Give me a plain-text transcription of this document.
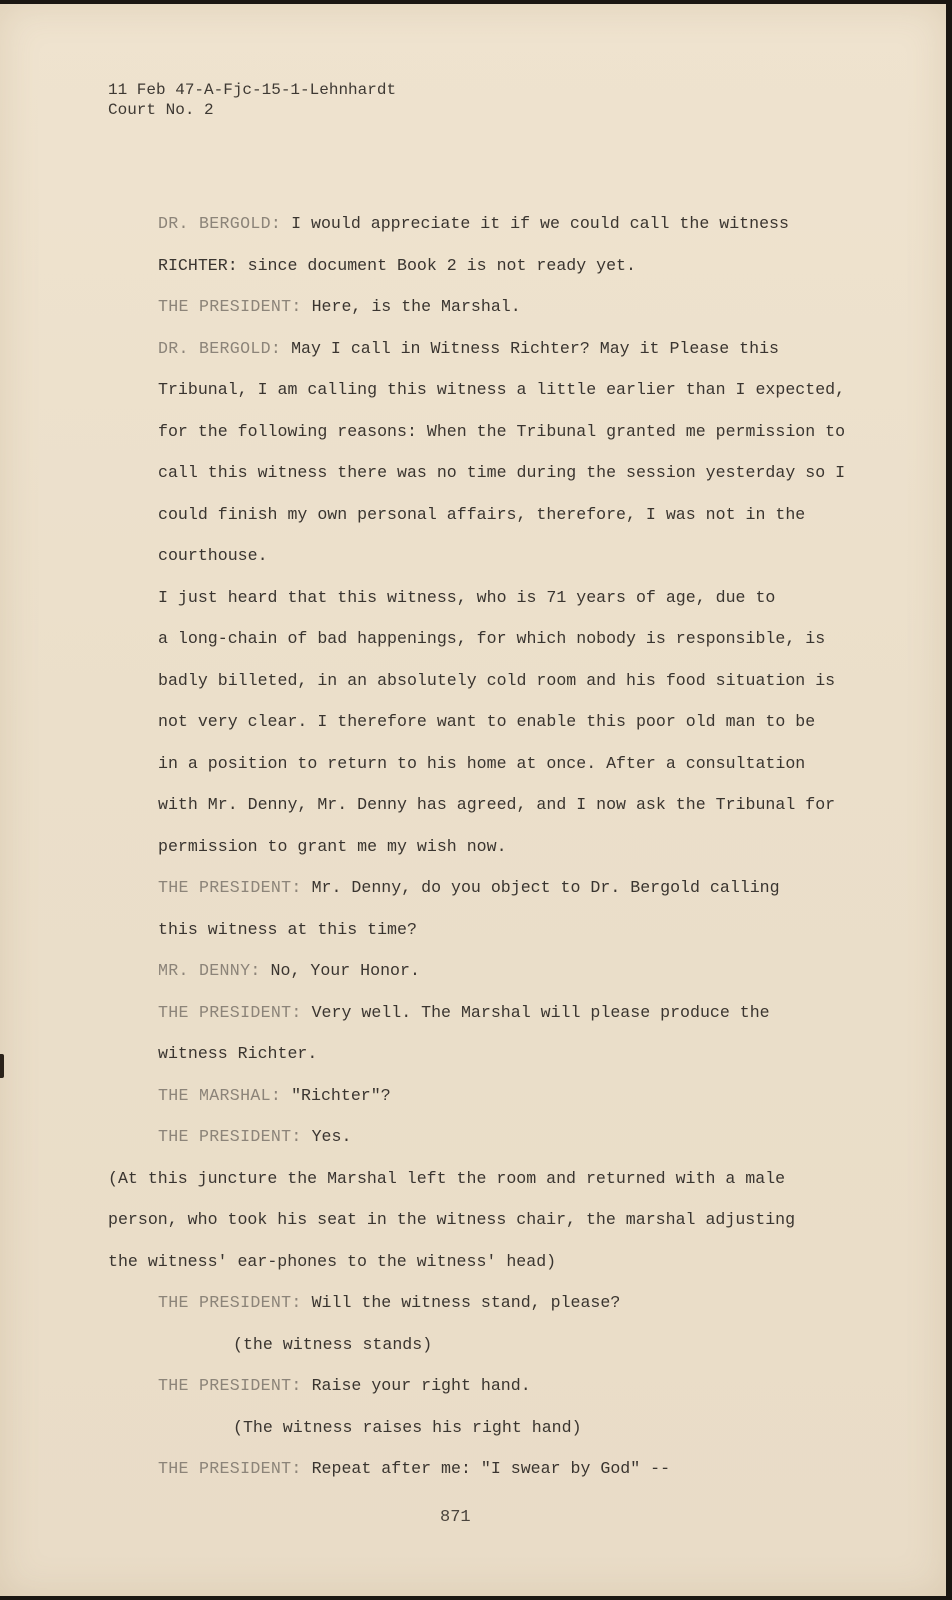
11 Feb 47-A-Fjc-15-1-Lehnhardt
Court No. 2
DR. BERGOLD: I would appreciate it if we could call the witness
RICHTER: since document Book 2 is not ready yet.
THE PRESIDENT: Here, is the Marshal.
DR. BERGOLD: May I call in Witness Richter? May it Please this
Tribunal, I am calling this witness a little earlier than I expected,
for the following reasons: When the Tribunal granted me permission to
call this witness there was no time during the session yesterday so I
could finish my own personal affairs, therefore, I was not in the
courthouse.
I just heard that this witness, who is 71 years of age, due to
a long-chain of bad happenings, for which nobody is responsible, is
badly billeted, in an absolutely cold room and his food situation is
not very clear. I therefore want to enable this poor old man to be
in a position to return to his home at once. After a consultation
with Mr. Denny, Mr. Denny has agreed, and I now ask the Tribunal for
permission to grant me my wish now.
THE PRESIDENT: Mr. Denny, do you object to Dr. Bergold calling
this witness at this time?
MR. DENNY: No, Your Honor.
THE PRESIDENT: Very well. The Marshal will please produce the
witness Richter.
THE MARSHAL: "Richter"?
THE PRESIDENT: Yes.
(At this juncture the Marshal left the room and returned with a male
person, who took his seat in the witness chair, the marshal adjusting
the witness' ear-phones to the witness' head)
THE PRESIDENT: Will the witness stand, please?
(the witness stands)
THE PRESIDENT: Raise your right hand.
(The witness raises his right hand)
THE PRESIDENT: Repeat after me: "I swear by God" --
871
